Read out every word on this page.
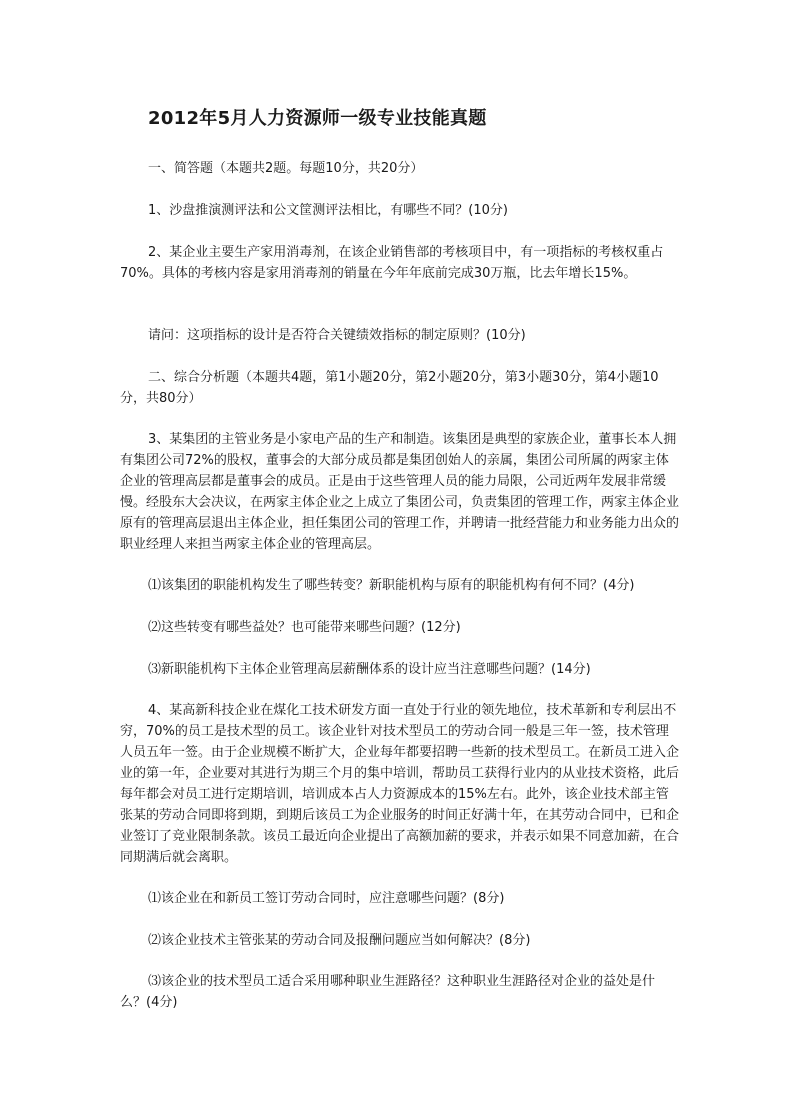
2012年5月人力资源师一级专业技能真题

一、简答题（本题共2题。每题10分，共20分）

1、沙盘推演测评法和公文筐测评法相比，有哪些不同？(10分)

2、某企业主要生产家用消毒剂，在该企业销售部的考核项目中，有一项指标的考核权重占70%。具体的考核内容是家用消毒剂的销量在今年年底前完成30万瓶，比去年增长15%。

请问：这项指标的设计是否符合关键绩效指标的制定原则？(10分)

二、综合分析题（本题共4题，第1小题20分，第2小题20分，第3小题30分，第4小题10分，共80分）

3、某集团的主管业务是小家电产品的生产和制造。该集团是典型的家族企业，董事长本人拥有集团公司72%的股权，董事会的大部分成员都是集团创始人的亲属，集团公司所属的两家主体企业的管理高层都是董事会的成员。正是由于这些管理人员的能力局限，公司近两年发展非常缓慢。经股东大会决议，在两家主体企业之上成立了集团公司，负责集团的管理工作，两家主体企业原有的管理高层退出主体企业，担任集团公司的管理工作，并聘请一批经营能力和业务能力出众的职业经理人来担当两家主体企业的管理高层。

⑴该集团的职能机构发生了哪些转变？新职能机构与原有的职能机构有何不同？(4分)

⑵这些转变有哪些益处？也可能带来哪些问题？(12分)

⑶新职能机构下主体企业管理高层薪酬体系的设计应当注意哪些问题？(14分)

4、某高新科技企业在煤化工技术研发方面一直处于行业的领先地位，技术革新和专利层出不穷，70%的员工是技术型的员工。该企业针对技术型员工的劳动合同一般是三年一签，技术管理人员五年一签。由于企业规模不断扩大，企业每年都要招聘一些新的技术型员工。在新员工进入企业的第一年，企业要对其进行为期三个月的集中培训，帮助员工获得行业内的从业技术资格，此后每年都会对员工进行定期培训，培训成本占人力资源成本的15%左右。此外，该企业技术部主管张某的劳动合同即将到期，到期后该员工为企业服务的时间正好满十年，在其劳动合同中，已和企业签订了竞业限制条款。该员工最近向企业提出了高额加薪的要求，并表示如果不同意加薪，在合同期满后就会离职。

⑴该企业在和新员工签订劳动合同时，应注意哪些问题？(8分)

⑵该企业技术主管张某的劳动合同及报酬问题应当如何解决？(8分)

⑶该企业的技术型员工适合采用哪种职业生涯路径？这种职业生涯路径对企业的益处是什么？(4分)
